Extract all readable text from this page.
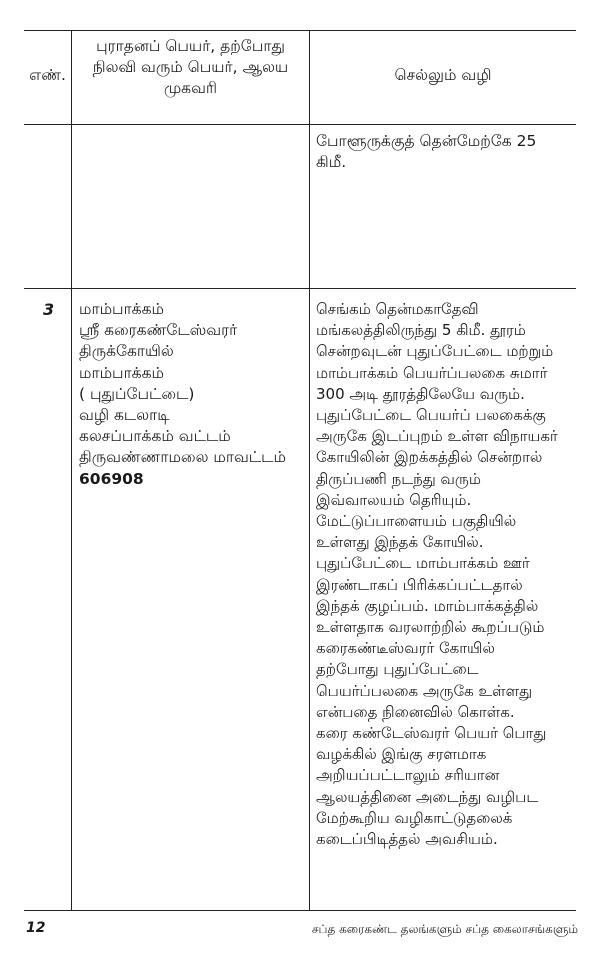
எண்.
புராதனப் பெயர், தற்போது
நிலவி வரும் பெயர், ஆலய
முகவரி
செல்லும் வழி
போளூருக்குத் தென்மேற்கே 25
கிமீ.
3 மாம்பாக்கம்
ஸ்ரீ கரைகண்டேஸ்வரர்
திருக்கோயில்
மாம்பாக்கம்
( புதுப்பேட்டை)
வழி கடலாடி
கலசப்பாக்கம் வட்டம்
திருவண்ணாமலை மாவட்டம்
606908
செங்கம் தென்மகாதேவி
மங்கலத்திலிருந்து 5 கிமீ. தூரம்
சென்றவுடன் புதுப்பேட்டை மற்றும்
மாம்பாக்கம் பெயர்ப்பலகை சுமார்
300 அடி தூரத்திலேயே வரும்.
புதுப்பேட்டை பெயர்ப் பலகைக்கு
அருகே இடப்புறம் உள்ள விநாயகர்
கோயிலின் இறக்கத்தில் சென்றால்
திருப்பணி நடந்து வரும்
இவ்வாலயம் தெரியும்.
மேட்டுப்பாளையம் பகுதியில்
உள்ளது இந்தக் கோயில்.
புதுப்பேட்டை மாம்பாக்கம் ஊர்
இரண்டாகப் பிரிக்கப்பட்டதால்
இந்தக் குழப்பம். மாம்பாக்கத்தில்
உள்ளதாக வரலாற்றில் கூறப்படும்
கரைகண்டீஸ்வரர் கோயில்
தற்போது புதுப்பேட்டை
பெயர்ப்பலகை அருகே உள்ளது
என்பதை நினைவில் கொள்க.
கரை கண்டேஸ்வரர் பெயர் பொது
வழக்கில் இங்கு சரளமாக
அறியப்பட்டாலும் சரியான
ஆலயத்தினை அடைந்து வழிபட
மேற்கூறிய வழிகாட்டுதலைக்
கடைப்பிடித்தல் அவசியம்.
12	சப்த கரைகண்ட தலங்களும் சப்த கைலாசங்களும்
